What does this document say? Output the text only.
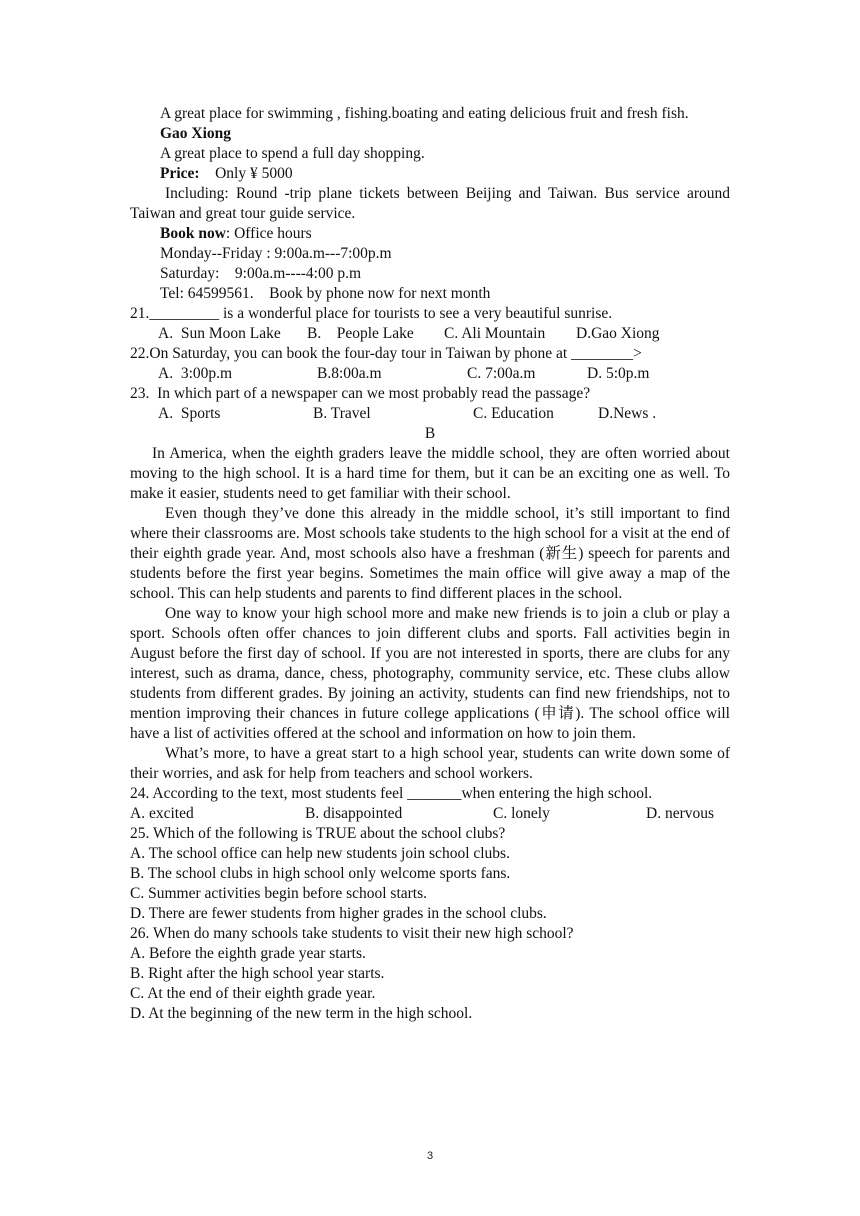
A great place for swimming , fishing.boating and eating delicious fruit and fresh fish.

Gao Xiong

A great place to spend a full day shopping.

Price: Only ¥ 5000

Including: Round -trip plane tickets between Beijing and Taiwan. Bus service around Taiwan and great tour guide service.

Book now: Office hours

Monday--Friday : 9:00a.m---7:00p.m

Saturday:    9:00a.m----4:00 p.m

Tel: 64599561.    Book by phone now for next month

21._________ is a wonderful place for tourists to see a very beautiful sunrise.

A.  Sun Moon Lake	B.    People Lake	C. Ali Mountain	D.Gao Xiong

22.On Saturday, you can book the four-day tour in Taiwan by phone at ________>

A.  3:00p.m	B.8:00a.m	C. 7:00a.m	D. 5:0p.m

23.  In which part of a newspaper can we most probably read the passage?

A.  Sports	B. Travel	C. Education	D.News .

B

In America, when the eighth graders leave the middle school, they are often worried about moving to the high school. It is a hard time for them, but it can be an exciting one as well. To make it easier, students need to get familiar with their school.

Even though they’ve done this already in the middle school, it’s still important to find where their classrooms are. Most schools take students to the high school for a visit at the end of their eighth grade year. And, most schools also have a freshman (新生) speech for parents and students before the first year begins. Sometimes the main office will give away a map of the school. This can help students and parents to find different places in the school.

One way to know your high school more and make new friends is to join a club or play a sport. Schools often offer chances to join different clubs and sports. Fall activities begin in August before the first day of school. If you are not interested in sports, there are clubs for any interest, such as drama, dance, chess, photography, community service, etc. These clubs allow students from different grades. By joining an activity, students can find new friendships, not to mention improving their chances in future college applications (申请). The school office will have a list of activities offered at the school and information on how to join them.

What’s more, to have a great start to a high school year, students can write down some of their worries, and ask for help from teachers and school workers.

24. According to the text, most students feel _______when entering the high school.

A. excited	B. disappointed	C. lonely	D. nervous

25. Which of the following is TRUE about the school clubs?

A. The school office can help new students join school clubs.

B. The school clubs in high school only welcome sports fans.

C. Summer activities begin before school starts.

D. There are fewer students from higher grades in the school clubs.

26. When do many schools take students to visit their new high school?

A. Before the eighth grade year starts.

B. Right after the high school year starts.

C. At the end of their eighth grade year.

D. At the beginning of the new term in the high school.

3
